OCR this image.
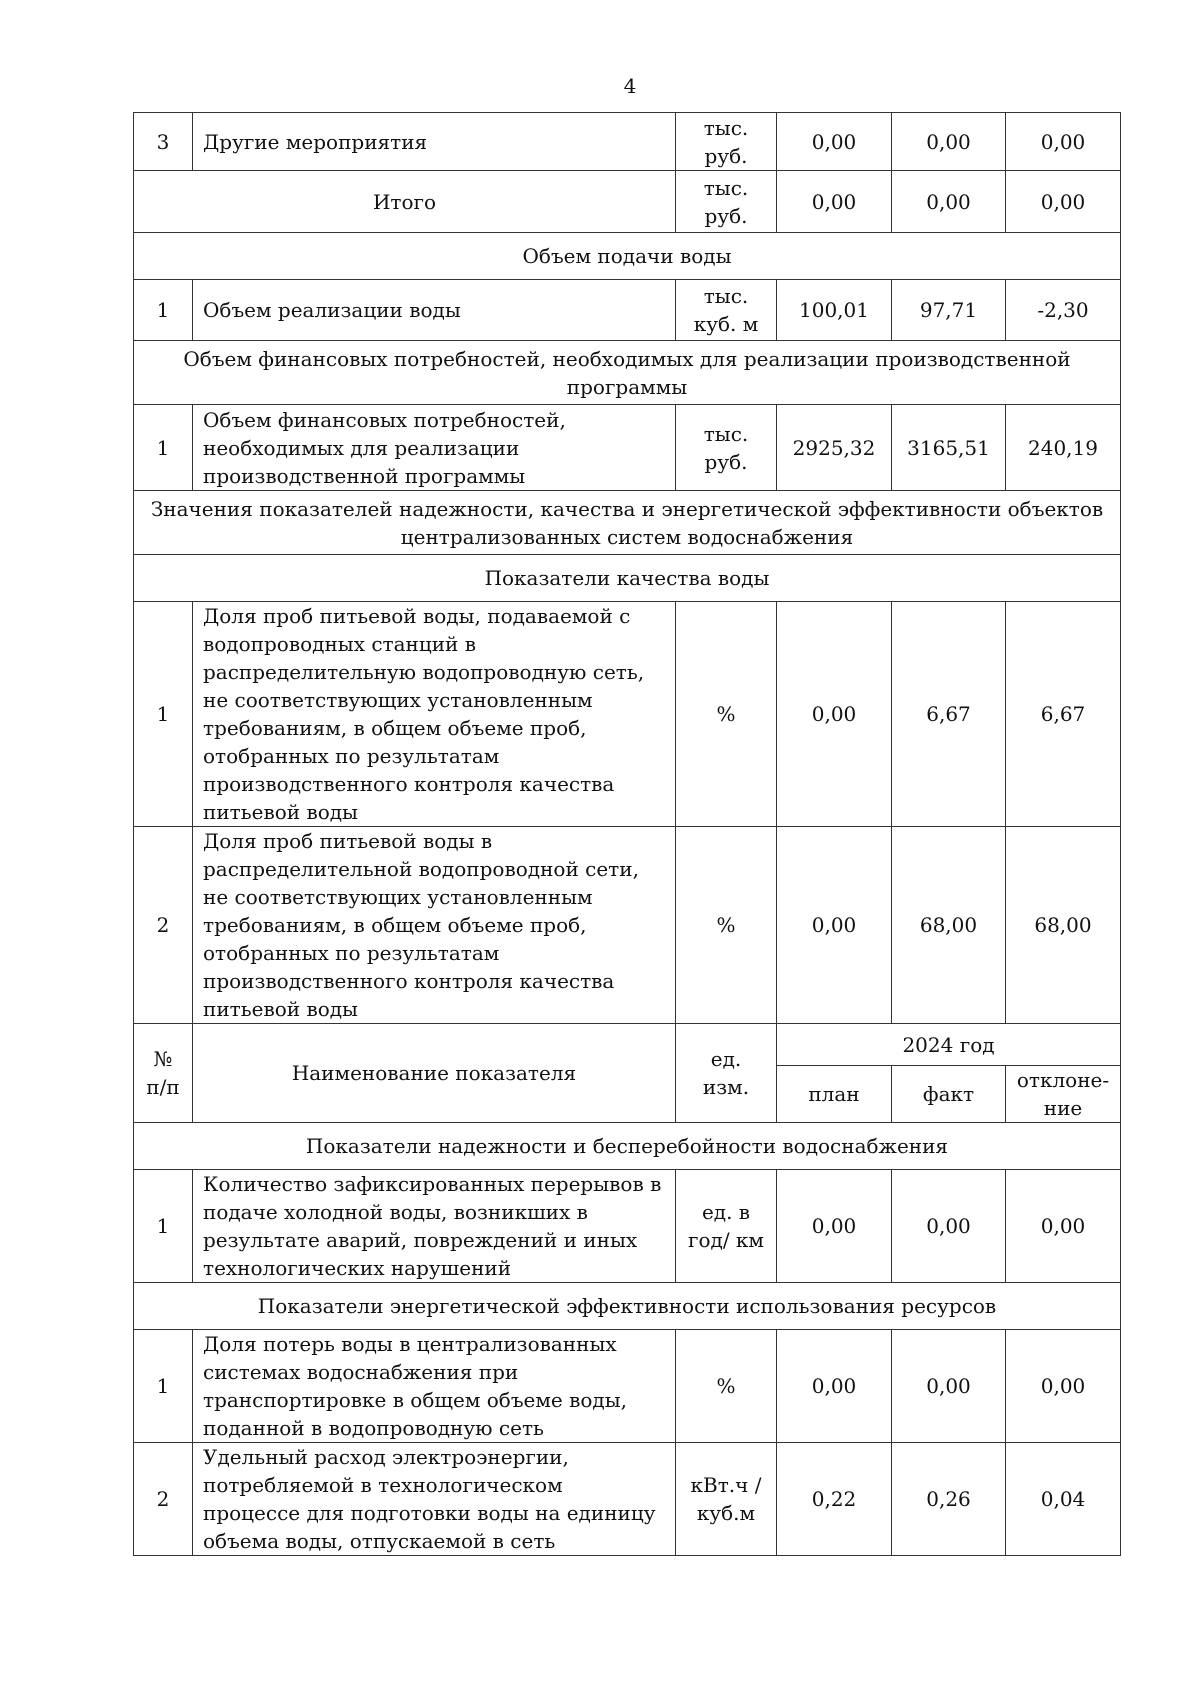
4
3	Другие мероприятия	тыс. руб.	0,00	0,00	0,00
Итого		тыс. руб.	0,00	0,00	0,00
Объем подачи воды					
1	Объем реализации воды	тыс. куб. м	100,01	97,71	-2,30
Объем финансовых потребностей, необходимых для реализации производственной программы					
1	Объем финансовых потребностей, необходимых для реализации производственной программы	тыс. руб.	2925,32	3165,51	240,19
Значения показателей надежности, качества и энергетической эффективности объектов централизованных систем водоснабжения					
Показатели качества воды					
1	Доля проб питьевой воды, подаваемой с водопроводных станций в распределительную водопроводную сеть, не соответствующих установленным требованиям, в общем объеме проб, отобранных по результатам производственного контроля качества питьевой воды	%	0,00	6,67	6,67
2	Доля проб питьевой воды в распределительной водопроводной сети, не соответствующих установленным требованиям, в общем объеме проб, отобранных по результатам производственного контроля качества питьевой воды	%	0,00	68,00	68,00
№ п/п	Наименование показателя	ед. изм.	2024 год		
			план	факт	отклоне-ние
Показатели надежности и бесперебойности водоснабжения					
1	Количество зафиксированных перерывов в подаче холодной воды, возникших в результате аварий, повреждений и иных технологических нарушений	ед. в год/ км	0,00	0,00	0,00
Показатели энергетической эффективности использования ресурсов					
1	Доля потерь воды в централизованных системах водоснабжения при транспортировке в общем объеме воды, поданной в водопроводную сеть	%	0,00	0,00	0,00
2	Удельный расход электроэнергии, потребляемой в технологическом процессе для подготовки воды на единицу объема воды, отпускаемой в сеть	кВт.ч / куб.м	0,22	0,26	0,04
